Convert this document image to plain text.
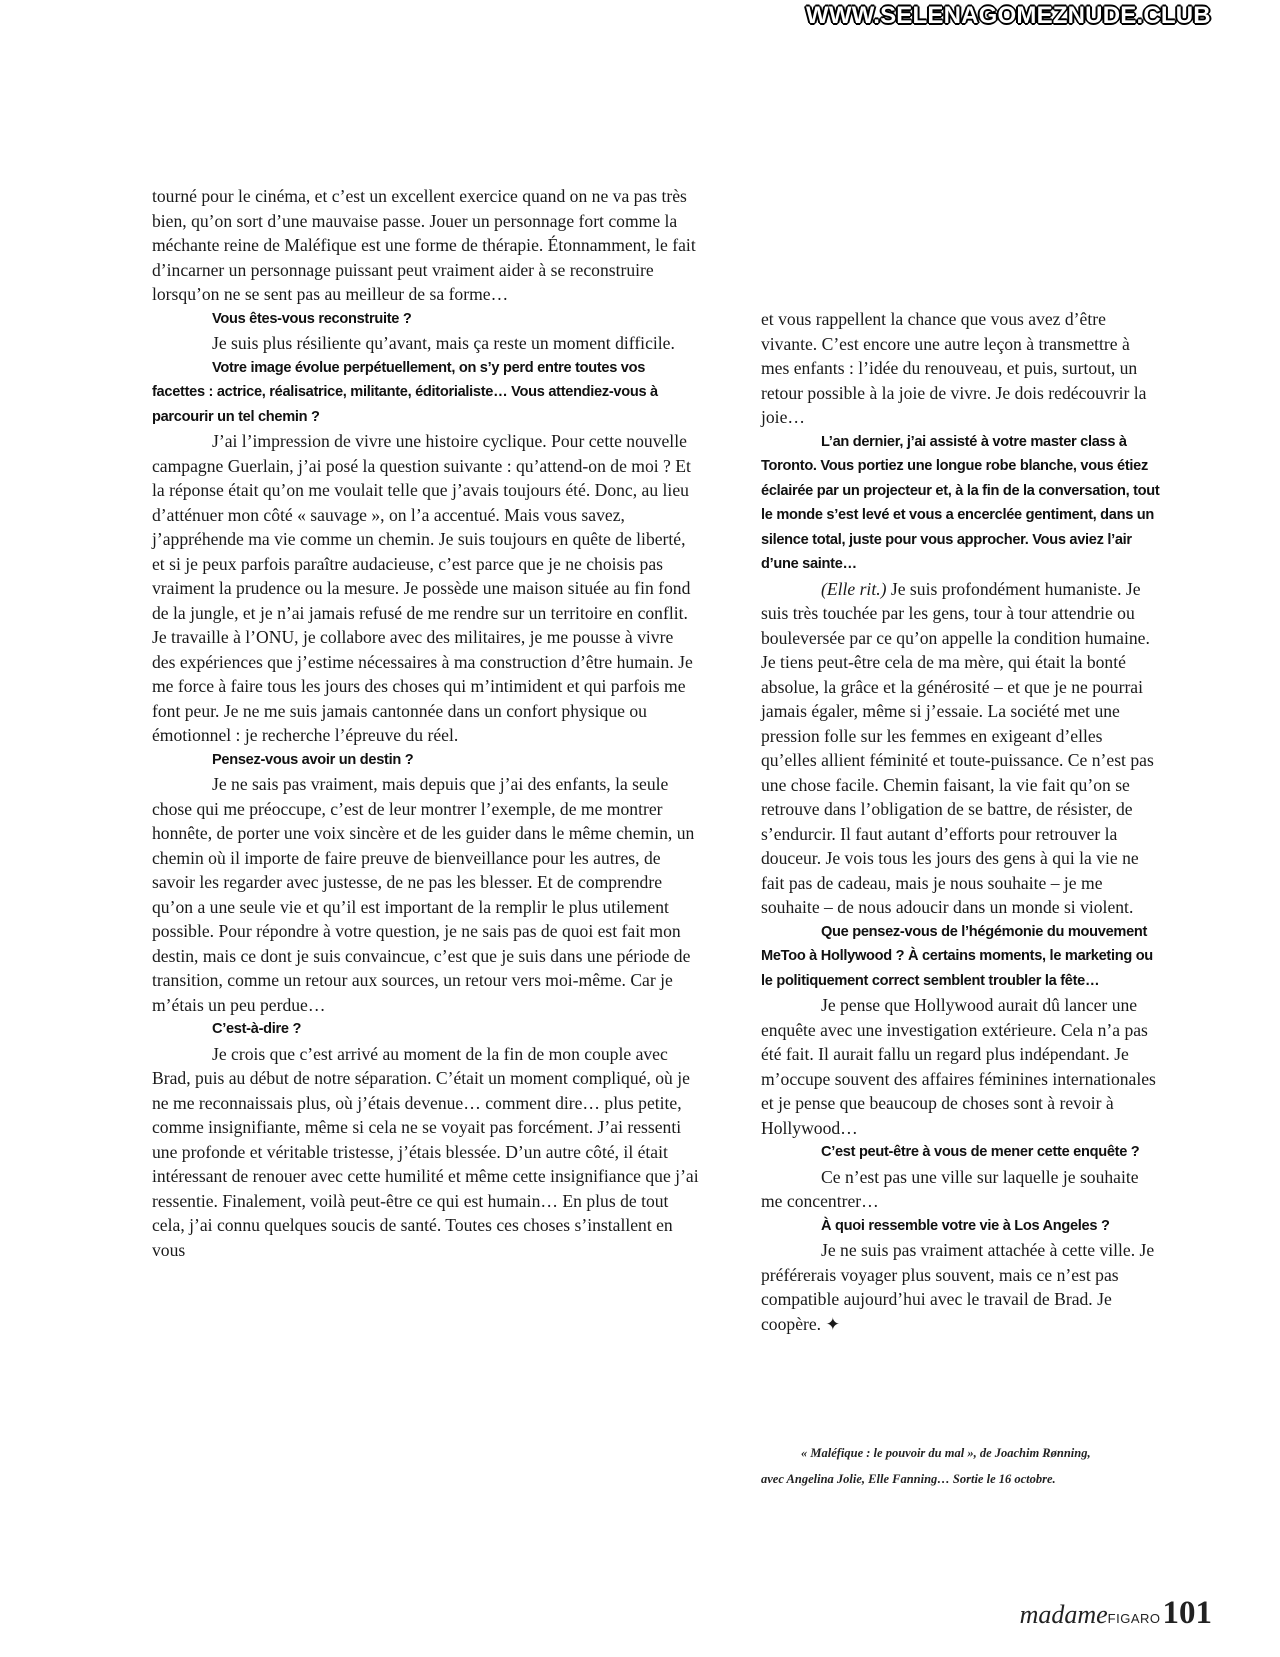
WWW.SELENAGOMEZNUDE.CLUB

tourné pour le cinéma, et c’est un excellent exercice quand on ne va pas très bien, qu’on sort d’une mauvaise passe. Jouer un personnage fort comme la méchante reine de Maléfique est une forme de thérapie. Étonnamment, le fait d’incarner un personnage puissant peut vraiment aider à se reconstruire lorsqu’on ne se sent pas au meilleur de sa forme…

Vous êtes-vous reconstruite ?

Je suis plus résiliente qu’avant, mais ça reste un moment difficile.

Votre image évolue perpétuellement, on s’y perd entre toutes vos facettes : actrice, réalisatrice, militante, éditorialiste… Vous attendiez-vous à parcourir un tel chemin ?

J’ai l’impression de vivre une histoire cyclique. Pour cette nouvelle campagne Guerlain, j’ai posé la question suivante : qu’attend-on de moi ? Et la réponse était qu’on me voulait telle que j’avais toujours été. Donc, au lieu d’atténuer mon côté « sauvage », on l’a accentué. Mais vous savez, j’appréhende ma vie comme un chemin. Je suis toujours en quête de liberté, et si je peux parfois paraître audacieuse, c’est parce que je ne choisis pas vraiment la prudence ou la mesure. Je possède une maison située au fin fond de la jungle, et je n’ai jamais refusé de me rendre sur un territoire en conflit. Je travaille à l’ONU, je collabore avec des militaires, je me pousse à vivre des expériences que j’estime nécessaires à ma construction d’être humain. Je me force à faire tous les jours des choses qui m’intimident et qui parfois me font peur. Je ne me suis jamais cantonnée dans un confort physique ou émotionnel : je recherche l’épreuve du réel.

Pensez-vous avoir un destin ?

Je ne sais pas vraiment, mais depuis que j’ai des enfants, la seule chose qui me préoccupe, c’est de leur montrer l’exemple, de me montrer honnête, de porter une voix sincère et de les guider dans le même chemin, un chemin où il importe de faire preuve de bienveillance pour les autres, de savoir les regarder avec justesse, de ne pas les blesser. Et de comprendre qu’on a une seule vie et qu’il est important de la remplir le plus utilement possible. Pour répondre à votre question, je ne sais pas de quoi est fait mon destin, mais ce dont je suis convaincue, c’est que je suis dans une période de transition, comme un retour aux sources, un retour vers moi-même. Car je m’étais un peu perdue…

C’est-à-dire ?

Je crois que c’est arrivé au moment de la fin de mon couple avec Brad, puis au début de notre séparation. C’était un moment compliqué, où je ne me reconnaissais plus, où j’étais devenue… comment dire… plus petite, comme insignifiante, même si cela ne se voyait pas forcément. J’ai ressenti une profonde et véritable tristesse, j’étais blessée. D’un autre côté, il était intéressant de renouer avec cette humilité et même cette insignifiance que j’ai ressentie. Finalement, voilà peut-être ce qui est humain… En plus de tout cela, j’ai connu quelques soucis de santé. Toutes ces choses s’installent en vous

et vous rappellent la chance que vous avez d’être vivante. C’est encore une autre leçon à transmettre à mes enfants : l’idée du renouveau, et puis, surtout, un retour possible à la joie de vivre. Je dois redécouvrir la joie…

L’an dernier, j’ai assisté à votre master class à Toronto. Vous portiez une longue robe blanche, vous étiez éclairée par un projecteur et, à la fin de la conversation, tout le monde s’est levé et vous a encerclée gentiment, dans un silence total, juste pour vous approcher. Vous aviez l’air d’une sainte…

(Elle rit.) Je suis profondément humaniste. Je suis très touchée par les gens, tour à tour attendrie ou bouleversée par ce qu’on appelle la condition humaine. Je tiens peut-être cela de ma mère, qui était la bonté absolue, la grâce et la générosité – et que je ne pourrai jamais égaler, même si j’essaie. La société met une pression folle sur les femmes en exigeant d’elles qu’elles allient féminité et toute-puissance. Ce n’est pas une chose facile. Chemin faisant, la vie fait qu’on se retrouve dans l’obligation de se battre, de résister, de s’endurcir. Il faut autant d’efforts pour retrouver la douceur. Je vois tous les jours des gens à qui la vie ne fait pas de cadeau, mais je nous souhaite – je me souhaite – de nous adoucir dans un monde si violent.

Que pensez-vous de l’hégémonie du mouvement MeToo à Hollywood ? À certains moments, le marketing ou le politiquement correct semblent troubler la fête…

Je pense que Hollywood aurait dû lancer une enquête avec une investigation extérieure. Cela n’a pas été fait. Il aurait fallu un regard plus indépendant. Je m’occupe souvent des affaires féminines internationales et je pense que beaucoup de choses sont à revoir à Hollywood…

C’est peut-être à vous de mener cette enquête ?

Ce n’est pas une ville sur laquelle je souhaite me concentrer…

À quoi ressemble votre vie à Los Angeles ?

Je ne suis pas vraiment attachée à cette ville. Je préférerais voyager plus souvent, mais ce n’est pas compatible aujourd’hui avec le travail de Brad. Je coopère. ✦

« Maléfique : le pouvoir du mal », de Joachim Rønning,

avec Angelina Jolie, Elle Fanning… Sortie le 16 octobre.

madameFIGARO101
